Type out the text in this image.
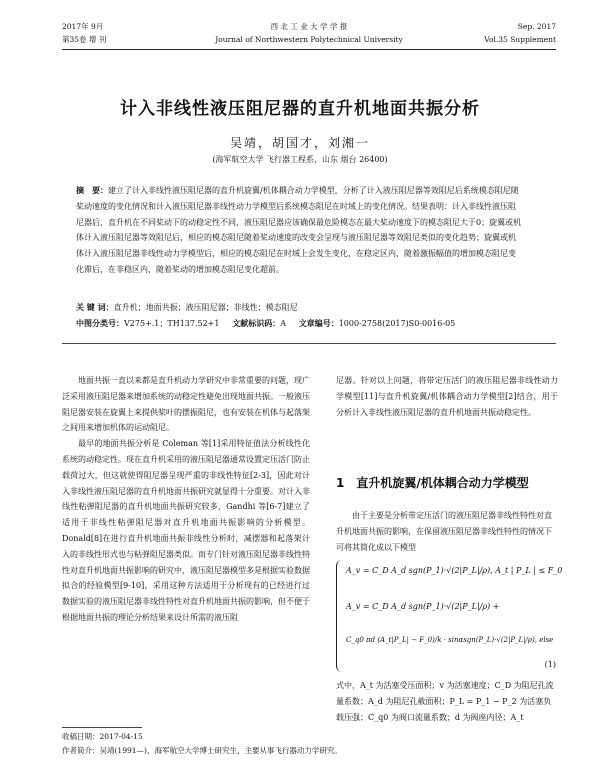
2017年 9月
第35卷 增 刊
西 北 工 业 大 学 学 报
Journal of Northwestern Polytechnical University
Sep. 2017
Vol.35 Supplement
计入非线性液压阻尼器的直升机地面共振分析
吴靖，胡国才，刘湘一
(海军航空大学 飞行器工程系，山东 烟台 26400)
摘　要：建立了计入非线性液压阻尼器的直升机旋翼/机体耦合动力学模型，分析了计入液压阻尼器等效阻尼后系统模态阻尼随桨动速度的变化情况和计入液压阻尼器非线性动力学模型后系统模态阻尼在时域上的变化情况。结果表明：计入非线性液压阻尼器后，直升机在不同桨动下的动稳定性不同，液压阻尼器应该确保最危险模态在最大桨动速度下的模态阻尼大于0；旋翼或机体计入液压阻尼器等效阻尼后，相应的模态阻尼随着桨动速度的改变会呈现与液压阻尼器等效阻尼类似的变化趋势；旋翼或机体计入液压阻尼器非线性动力学模型后，相应的模态阻尼在时域上会发生变化，在稳定区内，随着激振幅值的增加模态阻尼变化滞后，在非稳区内，随着桨动的增加模态阻尼变化超前。
关 键 词：直升机；地面共振；液压阻尼器；非线性；模态阻尼
中图分类号：V275+.1；TH137.52+1 文献标识码：A 文章编号：1000-2758(2017)S0-0016-05

地面共振一直以来都是直升机动力学研究中非常重要的问题，现广泛采用液压阻尼器来增加系统的动稳定性避免出现地面共振。一般液压阻尼器安装在旋翼上来提供桨叶的摆振阻尼，也有安装在机体与起落架之间用来增加机体的运动阻尼。

最早的地面共振分析是 Coleman 等[1]采用特征值法分析线性化系统的动稳定性。现在直升机采用的液压阻尼器通常设置定压活门防止载荷过大，但这就使得阻尼器呈现严重的非线性特征[2-3]，因此对计入非线性液压阻尼器的直升机地面共振研究就显得十分重要。对计入非线性粘弹阻尼器的直升机地面共振研究较多，Gandhi 等[6-7]建立了适用于非线性粘弹阻尼器对直升机地面共振影响的分析模型。Donald[8]在进行直升机地面共振非线性分析时，减摆器和起落架计入的非线性形式也与粘弹阻尼器类似。而专门针对液压阻尼器非线性特性对直升机地面共振影响的研究中，液压阻尼器模型多是根据实验数据拟合的经验模型[9-10]，采用这种方法适用于分析现有的已经进行过数据实验的液压阻尼器非线性特性对直升机地面共振的影响，但不便于根据地面共振的理论分析结果来设计所需的液压阻

尼器。针对以上问题，将带定压活门的液压阻尼器非线性动力学模型[11]与直升机旋翼/机体耦合动力学模型[2]结合，用于分析计入非线性液压阻尼器的直升机地面共振动稳定性。

1　直升机旋翼/机体耦合动力学模型
由于主要是分析带定压活门的液压阻尼器非线性特性对直升机地面共振的影响，在保留液压阻尼器非线性特性的情况下可将其简化成以下模型
A_v = C_D A_d sgn(P_1)·√(2|P_L|/ρ), A_t | P_L | ≤ F_0
A_v = C_D A_d sgn(P_1)·√(2|P_L|/ρ) +
C_q0 πd (A_t|P_L| − F_0)/k · sinαsgn(P_L)·√(2|P_L|/ρ), else
(1)
式中，A_t 为活塞受压面积；v 为活塞速度；C_D 为阻尼孔流量系数；A_d 为阻尼孔截面积；P_L = P_1 − P_2 为活塞负载压强；C_q0 为阀口流量系数；d 为阀座内径；A_t
收稿日期：2017-04-15
作者简介：吴靖(1991—)，海军航空大学博士研究生，主要从事飞行器动力学研究。
